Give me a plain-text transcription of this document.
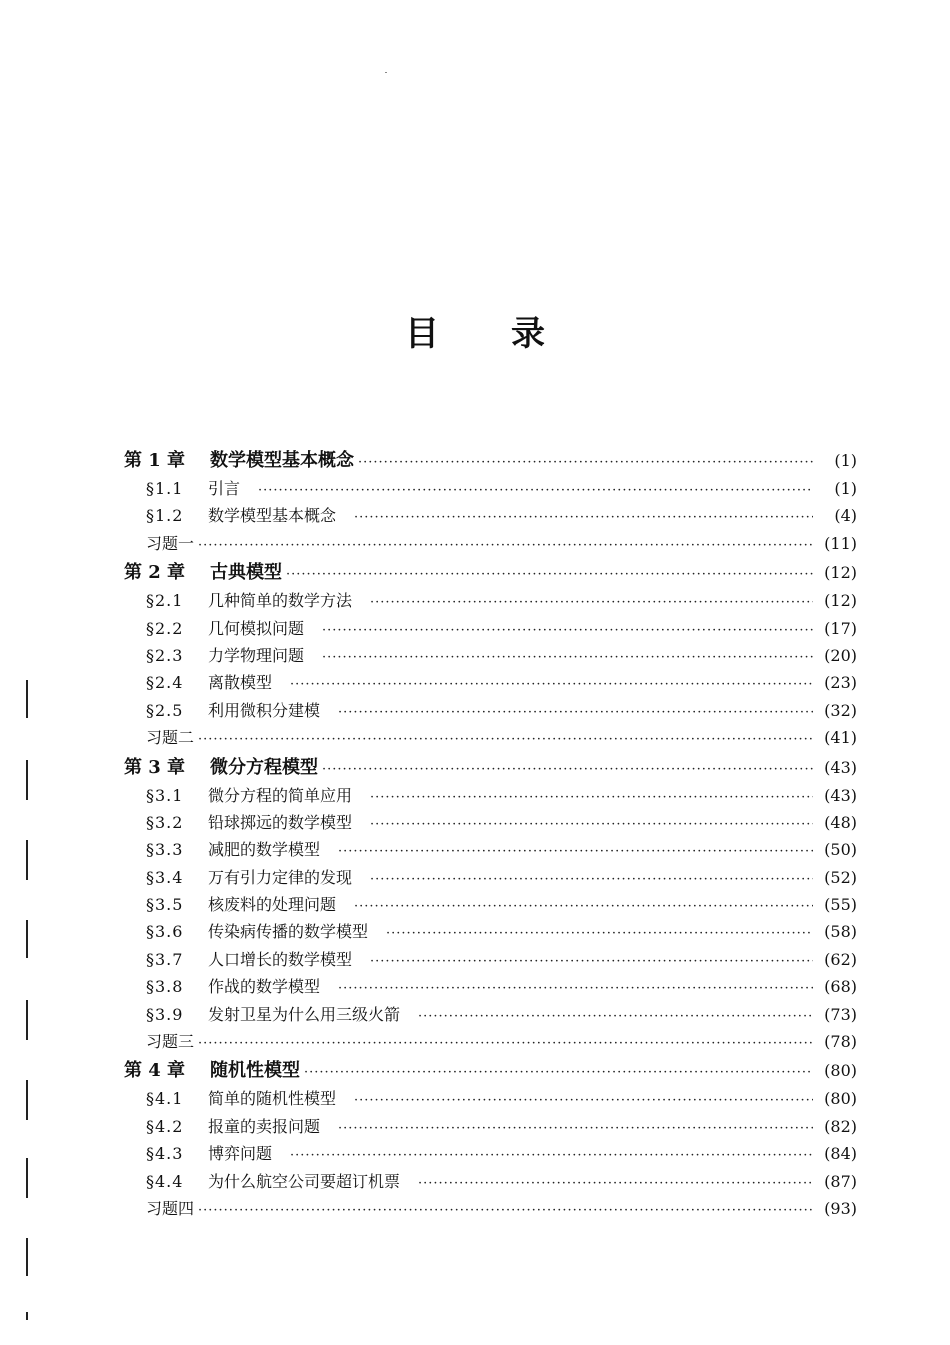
目录
第 1 章	数学模型基本概念 ·····	(1)
§1.1	引言 ·····	(1)
§1.2	数学模型基本概念 ·····	(4)
习题一 ·····	(11)
第 2 章	古典模型 ·····	(12)
§2.1	几种简单的数学方法 ·····	(12)
§2.2	几何模拟问题 ·····	(17)
§2.3	力学物理问题 ·····	(20)
§2.4	离散模型 ·····	(23)
§2.5	利用微积分建模 ·····	(32)
习题二 ·····	(41)
第 3 章	微分方程模型 ·····	(43)
§3.1	微分方程的简单应用 ·····	(43)
§3.2	铅球掷远的数学模型 ·····	(48)
§3.3	减肥的数学模型 ·····	(50)
§3.4	万有引力定律的发现 ·····	(52)
§3.5	核废料的处理问题 ·····	(55)
§3.6	传染病传播的数学模型 ·····	(58)
§3.7	人口增长的数学模型 ·····	(62)
§3.8	作战的数学模型 ·····	(68)
§3.9	发射卫星为什么用三级火箭 ·····	(73)
习题三 ·····	(78)
第 4 章	随机性模型 ·····	(80)
§4.1	简单的随机性模型 ·····	(80)
§4.2	报童的卖报问题 ·····	(82)
§4.3	博弈问题 ·····	(84)
§4.4	为什么航空公司要超订机票 ·····	(87)
习题四 ·····	(93)
